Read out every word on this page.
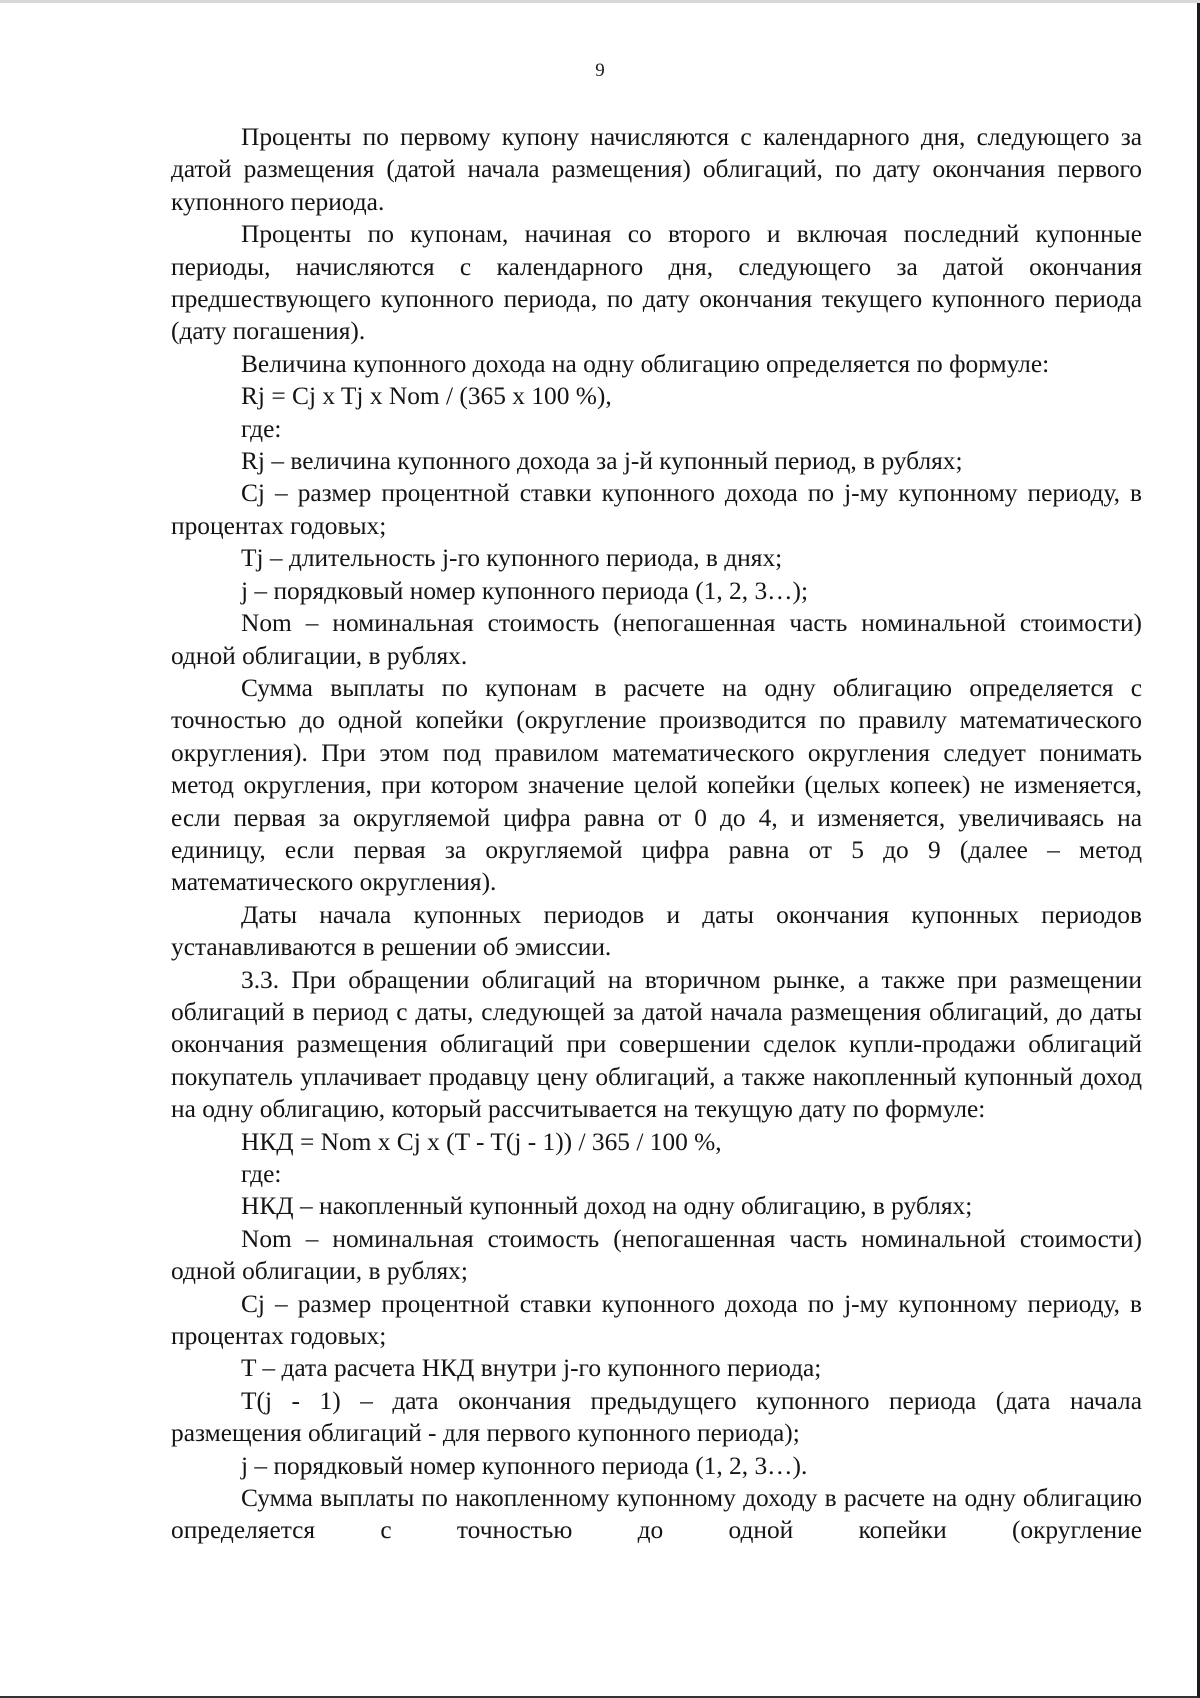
9

Проценты по первому купону начисляются с календарного дня, следующего за датой размещения (датой начала размещения) облигаций, по дату окончания первого купонного периода.

Проценты по купонам, начиная со второго и включая последний купонные периоды, начисляются с календарного дня, следующего за датой окончания предшествующего купонного периода, по дату окончания текущего купонного периода (дату погашения).

Величина купонного дохода на одну облигацию определяется по формуле:

Rj = Cj x Tj x Nom / (365 x 100 %),

где:

Rj – величина купонного дохода за j-й купонный период, в рублях;

Cj – размер процентной ставки купонного дохода по j-му купонному периоду, в процентах годовых;

Tj – длительность j-го купонного периода, в днях;

j – порядковый номер купонного периода (1, 2, 3…);

Nom – номинальная стоимость (непогашенная часть номинальной стоимости) одной облигации, в рублях.

Сумма выплаты по купонам в расчете на одну облигацию определяется с точностью до одной копейки (округление производится по правилу математического округления). При этом под правилом математического округления следует понимать метод округления, при котором значение целой копейки (целых копеек) не изменяется, если первая за округляемой цифра равна от 0 до 4, и изменяется, увеличиваясь на единицу, если первая за округляемой цифра равна от 5 до 9 (далее – метод математического округления).

Даты начала купонных периодов и даты окончания купонных периодов устанавливаются в решении об эмиссии.

3.3. При обращении облигаций на вторичном рынке, а также при размещении облигаций в период с даты, следующей за датой начала размещения облигаций, до даты окончания размещения облигаций при совершении сделок купли-продажи облигаций покупатель уплачивает продавцу цену облигаций, а также накопленный купонный доход на одну облигацию, который рассчитывается на текущую дату по формуле:

НКД = Nom x Cj x (T - T(j - 1)) / 365 / 100 %,

где:

НКД – накопленный купонный доход на одну облигацию, в рублях;

Nom – номинальная стоимость (непогашенная часть номинальной стоимости) одной облигации, в рублях;

Cj – размер процентной ставки купонного дохода по j-му купонному периоду, в процентах годовых;

T – дата расчета НКД внутри j-го купонного периода;

T(j - 1) – дата окончания предыдущего купонного периода (дата начала размещения облигаций - для первого купонного периода);

j – порядковый номер купонного периода (1, 2, 3…).

Сумма выплаты по накопленному купонному доходу в расчете на одну облигацию определяется с точностью до одной копейки (округление
